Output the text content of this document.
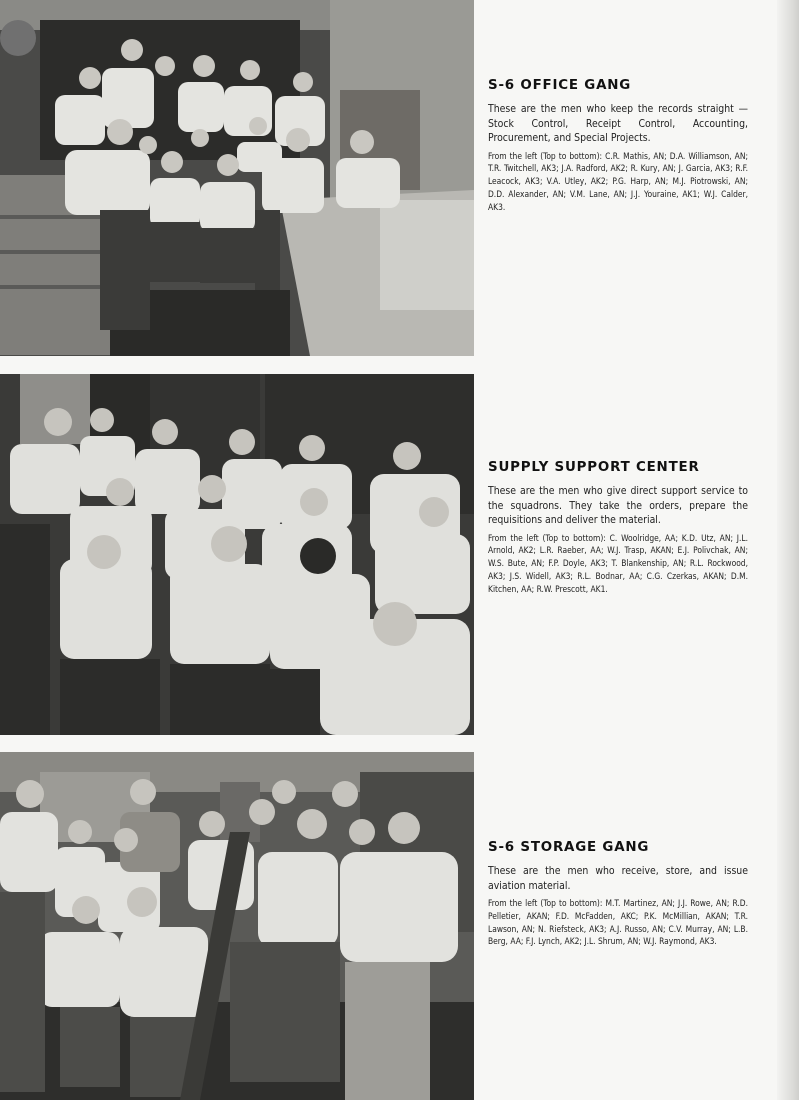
S-6 OFFICE GANG

These are the men who keep the records straight — Stock Control, Receipt Control, Accounting, Procurement, and Special Projects.

From the left (Top to bottom): C.R. Mathis, AN; D.A. Williamson, AN; T.R. Twitchell, AK3; J.A. Radford, AK2; R. Kury, AN; J. Garcia, AK3; R.F. Leacock, AK3; V.A. Utley, AK2; P.G. Harp, AN; M.J. Piotrowski, AN; D.D. Alexander, AN; V.M. Lane, AN; J.J. Youraine, AK1; W.J. Calder, AK3.

SUPPLY SUPPORT CENTER

These are the men who give direct support service to the squadrons. They take the orders, prepare the requisitions and deliver the material.

From the left (Top to bottom): C. Woolridge, AA; K.D. Utz, AN; J.L. Arnold, AK2; L.R. Raeber, AA; W.J. Trasp, AKAN; E.J. Polivchak, AN; W.S. Bute, AN; F.P. Doyle, AK3; T. Blankenship, AN; R.L. Rockwood, AK3; J.S. Widell, AK3; R.L. Bodnar, AA; C.G. Czerkas, AKAN; D.M. Kitchen, AA; R.W. Prescott, AK1.

S-6 STORAGE GANG

These are the men who receive, store, and issue aviation material.

From the left (Top to bottom): M.T. Martinez, AN; J.J. Rowe, AN; R.D. Pelletier, AKAN; F.D. McFadden, AKC; P.K. McMillian, AKAN; T.R. Lawson, AN; N. Riefsteck, AK3; A.J. Russo, AN; C.V. Murray, AN; L.B. Berg, AA; F.J. Lynch, AK2; J.L. Shrum, AN; W.J. Raymond, AK3.
